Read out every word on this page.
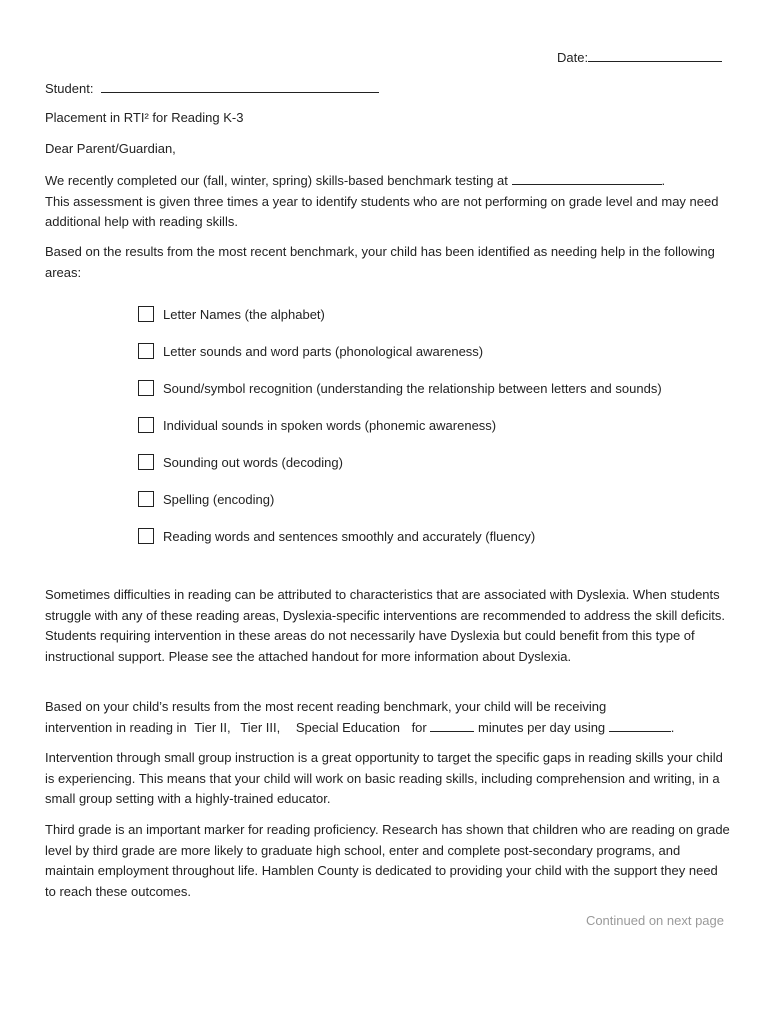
Date:
Student:
Placement in RTI² for Reading K-3
Dear Parent/Guardian,
We recently completed our (fall, winter, spring) skills-based benchmark testing at	.
This assessment is given three times a year to identify students who are not performing on grade level and may need additional help with reading skills.
Based on the results from the most recent benchmark, your child has been identified as needing help in the following areas:
Letter Names (the alphabet)
Letter sounds and word parts (phonological awareness)
Sound/symbol recognition (understanding the relationship between letters and sounds)
Individual sounds in spoken words (phonemic awareness)
Sounding out words (decoding)
Spelling (encoding)
Reading words and sentences smoothly and accurately (fluency)
Sometimes difficulties in reading can be attributed to characteristics that are associated with Dyslexia. When students struggle with any of these reading areas, Dyslexia-specific interventions are recommended to address the skill deficits. Students requiring intervention in these areas do not necessarily have Dyslexia but could benefit from this type of instructional support. Please see the attached handout for more information about Dyslexia.
Based on your child’s results from the most recent reading benchmark, your child will be receiving
intervention in reading in Tier II, Tier III, Special Education for	minutes per day using	.
Intervention through small group instruction is a great opportunity to target the specific gaps in reading skills your child is experiencing. This means that your child will work on basic reading skills, including comprehension and writing, in a small group setting with a highly-trained educator.
Third grade is an important marker for reading proficiency. Research has shown that children who are reading on grade level by third grade are more likely to graduate high school, enter and complete post-secondary programs, and maintain employment throughout life. Hamblen County is dedicated to providing your child with the support they need to reach these outcomes.
Continued on next page
